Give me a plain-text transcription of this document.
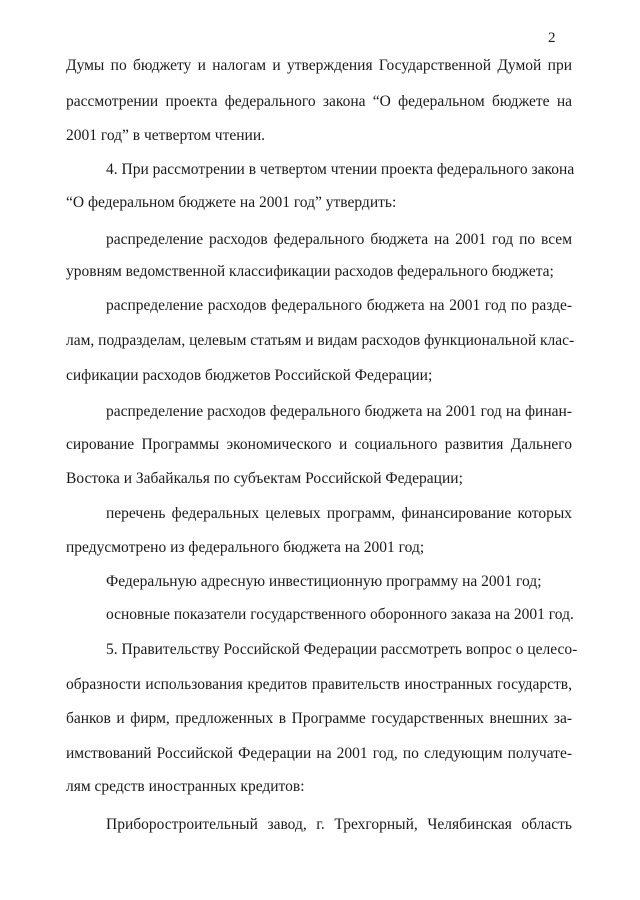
2
Думы по бюджету и налогам и утверждения Государственной Думой при
рассмотрении проекта федерального закона “О федеральном бюджете на
2001 год” в четвертом чтении.
4. При рассмотрении в четвертом чтении проекта федерального закона
“О федеральном бюджете на 2001 год” утвердить:
распределение расходов федерального бюджета на 2001 год по всем
уровням ведомственной классификации расходов федерального бюджета;
распределение расходов федерального бюджета на 2001 год по разде-
лам, подразделам, целевым статьям и видам расходов функциональной клас-
сификации расходов бюджетов Российской Федерации;
распределение расходов федерального бюджета на 2001 год на финан-
сирование Программы экономического и социального развития Дальнего
Востока и Забайкалья по субъектам Российской Федерации;
перечень федеральных целевых программ, финансирование которых
предусмотрено из федерального бюджета на 2001 год;
Федеральную адресную инвестиционную программу на 2001 год;
основные показатели государственного оборонного заказа на 2001 год.
5. Правительству Российской Федерации рассмотреть вопрос о целесо-
образности использования кредитов правительств иностранных государств,
банков и фирм, предложенных в Программе государственных внешних за-
имствований Российской Федерации на 2001 год, по следующим получате-
лям средств иностранных кредитов:
Приборостроительный завод, г. Трехгорный, Челябинская область
